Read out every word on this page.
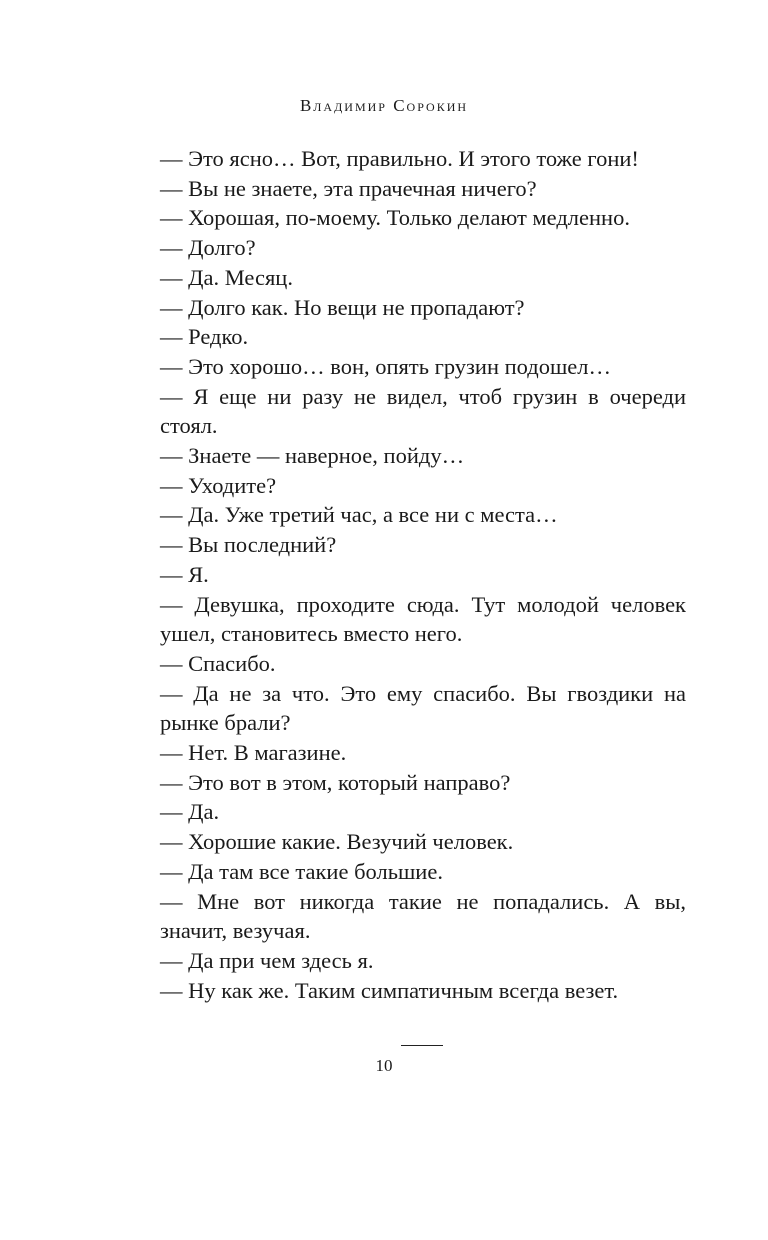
Владимир Сорокин

— Это ясно… Вот, правильно. И этого тоже гони!

— Вы не знаете, эта прачечная ничего?

— Хорошая, по-моему. Только делают медленно.

— Долго?

— Да. Месяц.

— Долго как. Но вещи не пропадают?

— Редко.

— Это хорошо… вон, опять грузин подошел…

— Я еще ни разу не видел, чтоб грузин в очереди стоял.

— Знаете — наверное, пойду…

— Уходите?

— Да. Уже третий час, а все ни с места…

— Вы последний?

— Я.

— Девушка, проходите сюда. Тут молодой человек ушел, становитесь вместо него.

— Спасибо.

— Да не за что. Это ему спасибо. Вы гвоздики на рынке брали?

— Нет. В магазине.

— Это вот в этом, который направо?

— Да.

— Хорошие какие. Везучий человек.

— Да там все такие большие.

— Мне вот никогда такие не попадались. А вы, значит, везучая.

— Да при чем здесь я.

— Ну как же. Таким симпатичным всегда везет.

10
